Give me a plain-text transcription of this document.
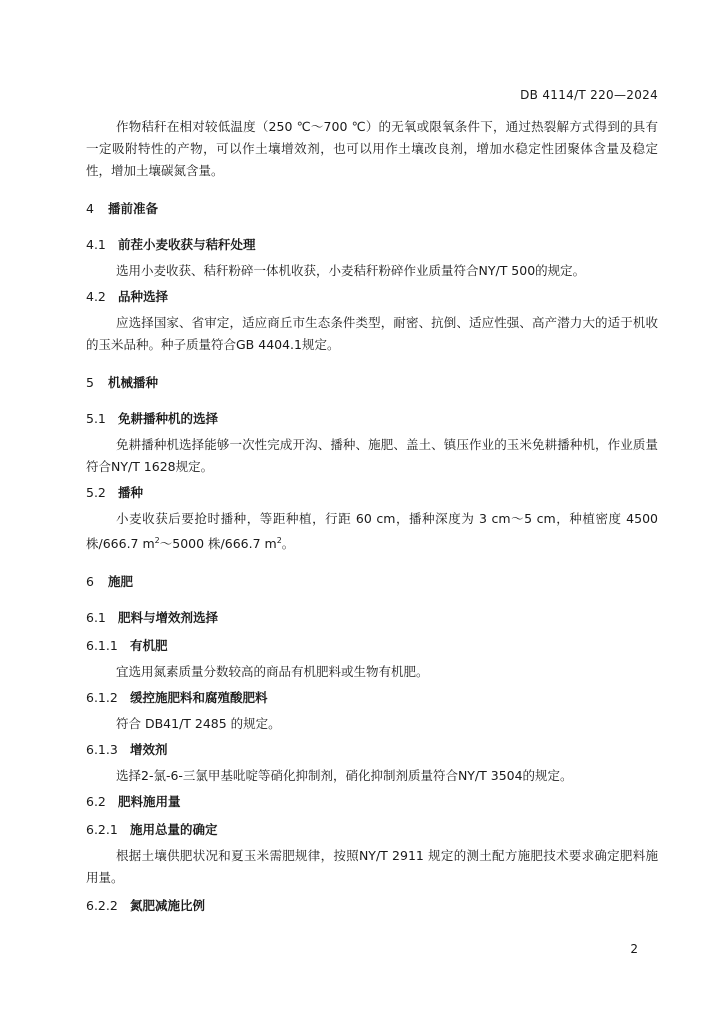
DB 4114/T 220—2024

作物秸秆在相对较低温度（250 ℃～700 ℃）的无氧或限氧条件下，通过热裂解方式得到的具有一定吸附特性的产物，可以作土壤增效剂，也可以用作土壤改良剂，增加水稳定性团聚体含量及稳定性，增加土壤碳氮含量。

4 播前准备

4.1 前茬小麦收获与秸秆处理

选用小麦收获、秸秆粉碎一体机收获，小麦秸秆粉碎作业质量符合NY/T 500的规定。

4.2 品种选择

应选择国家、省审定，适应商丘市生态条件类型，耐密、抗倒、适应性强、高产潜力大的适于机收的玉米品种。种子质量符合GB 4404.1规定。

5 机械播种

5.1 免耕播种机的选择

免耕播种机选择能够一次性完成开沟、播种、施肥、盖土、镇压作业的玉米免耕播种机，作业质量符合NY/T 1628规定。

5.2 播种

小麦收获后要抢时播种，等距种植，行距 60 cm，播种深度为 3 cm～5 cm，种植密度 4500 株/666.7 $m^2\sim 5000$ 株/666.7 $m^2$。

6 施肥

6.1 肥料与增效剂选择

6.1.1 有机肥

宜选用氮素质量分数较高的商品有机肥料或生物有机肥。

6.1.2 缓控施肥料和腐殖酸肥料

符合 DB41/T 2485 的规定。

6.1.3 增效剂

选择2-氯-6-三氯甲基吡啶等硝化抑制剂，硝化抑制剂质量符合NY/T 3504的规定。

6.2 肥料施用量

6.2.1 施用总量的确定

根据土壤供肥状况和夏玉米需肥规律，按照NY/T 2911 规定的测土配方施肥技术要求确定肥料施用量。

6.2.2 氮肥减施比例

2
